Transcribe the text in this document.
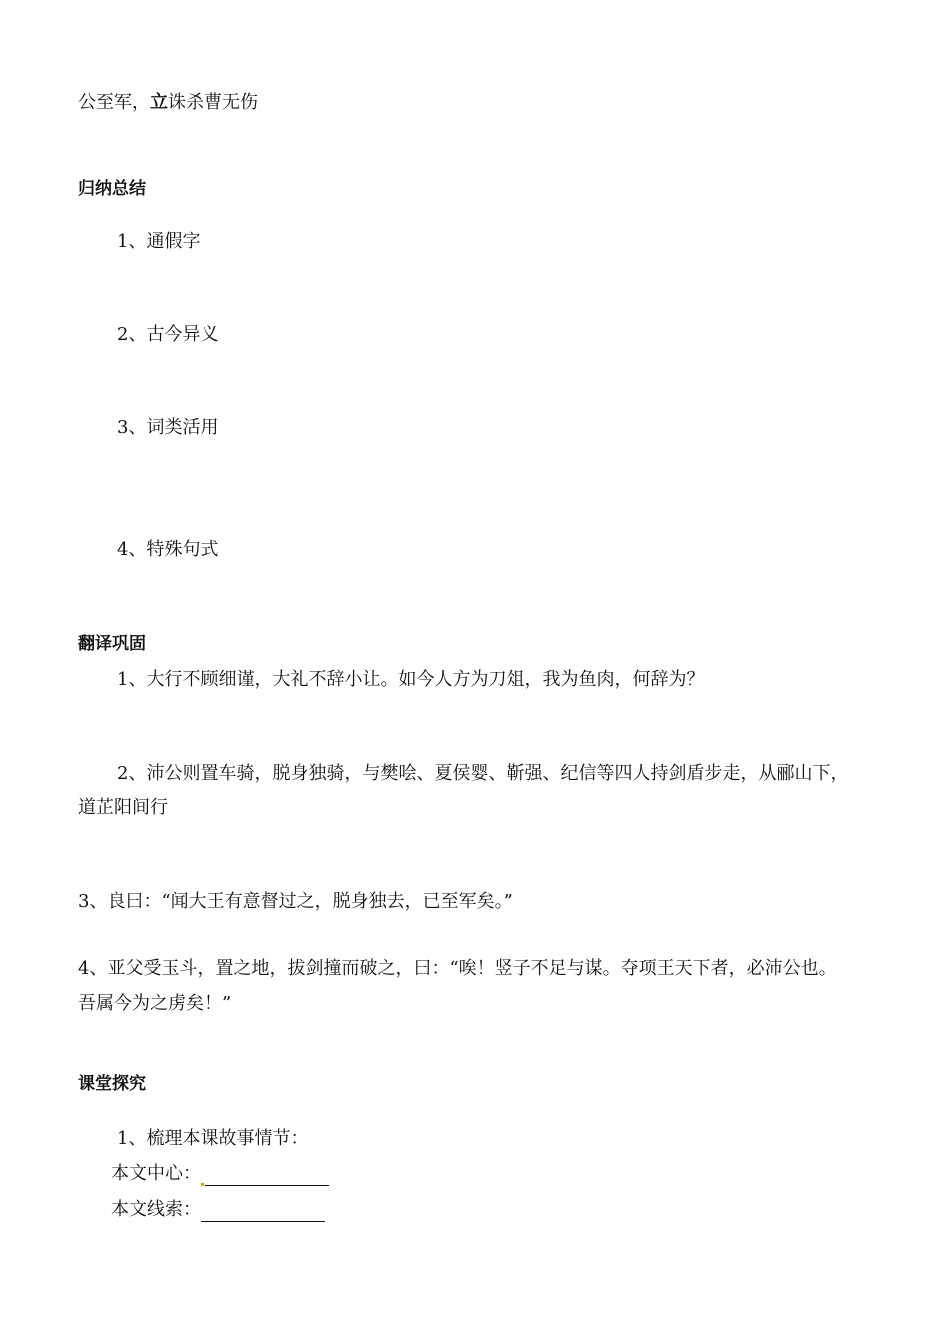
公至军，立诛杀曹无伤
归纳总结
1、通假字
2、古今异义
3、词类活用
4、特殊句式
翻译巩固
1、大行不顾细谨，大礼不辞小让。如今人方为刀俎，我为鱼肉，何辞为？
2、沛公则置车骑，脱身独骑，与樊哙、夏侯婴、靳强、纪信等四人持剑盾步走，从郦山下，
道芷阳间行
3、良曰：“闻大王有意督过之，脱身独去，已至军矣。”
4、亚父受玉斗，置之地，拔剑撞而破之，曰：“唉！竖子不足与谋。夺项王天下者，必沛公也。
吾属今为之虏矣！”
课堂探究
1、梳理本课故事情节：
本文中心：
本文线索：
